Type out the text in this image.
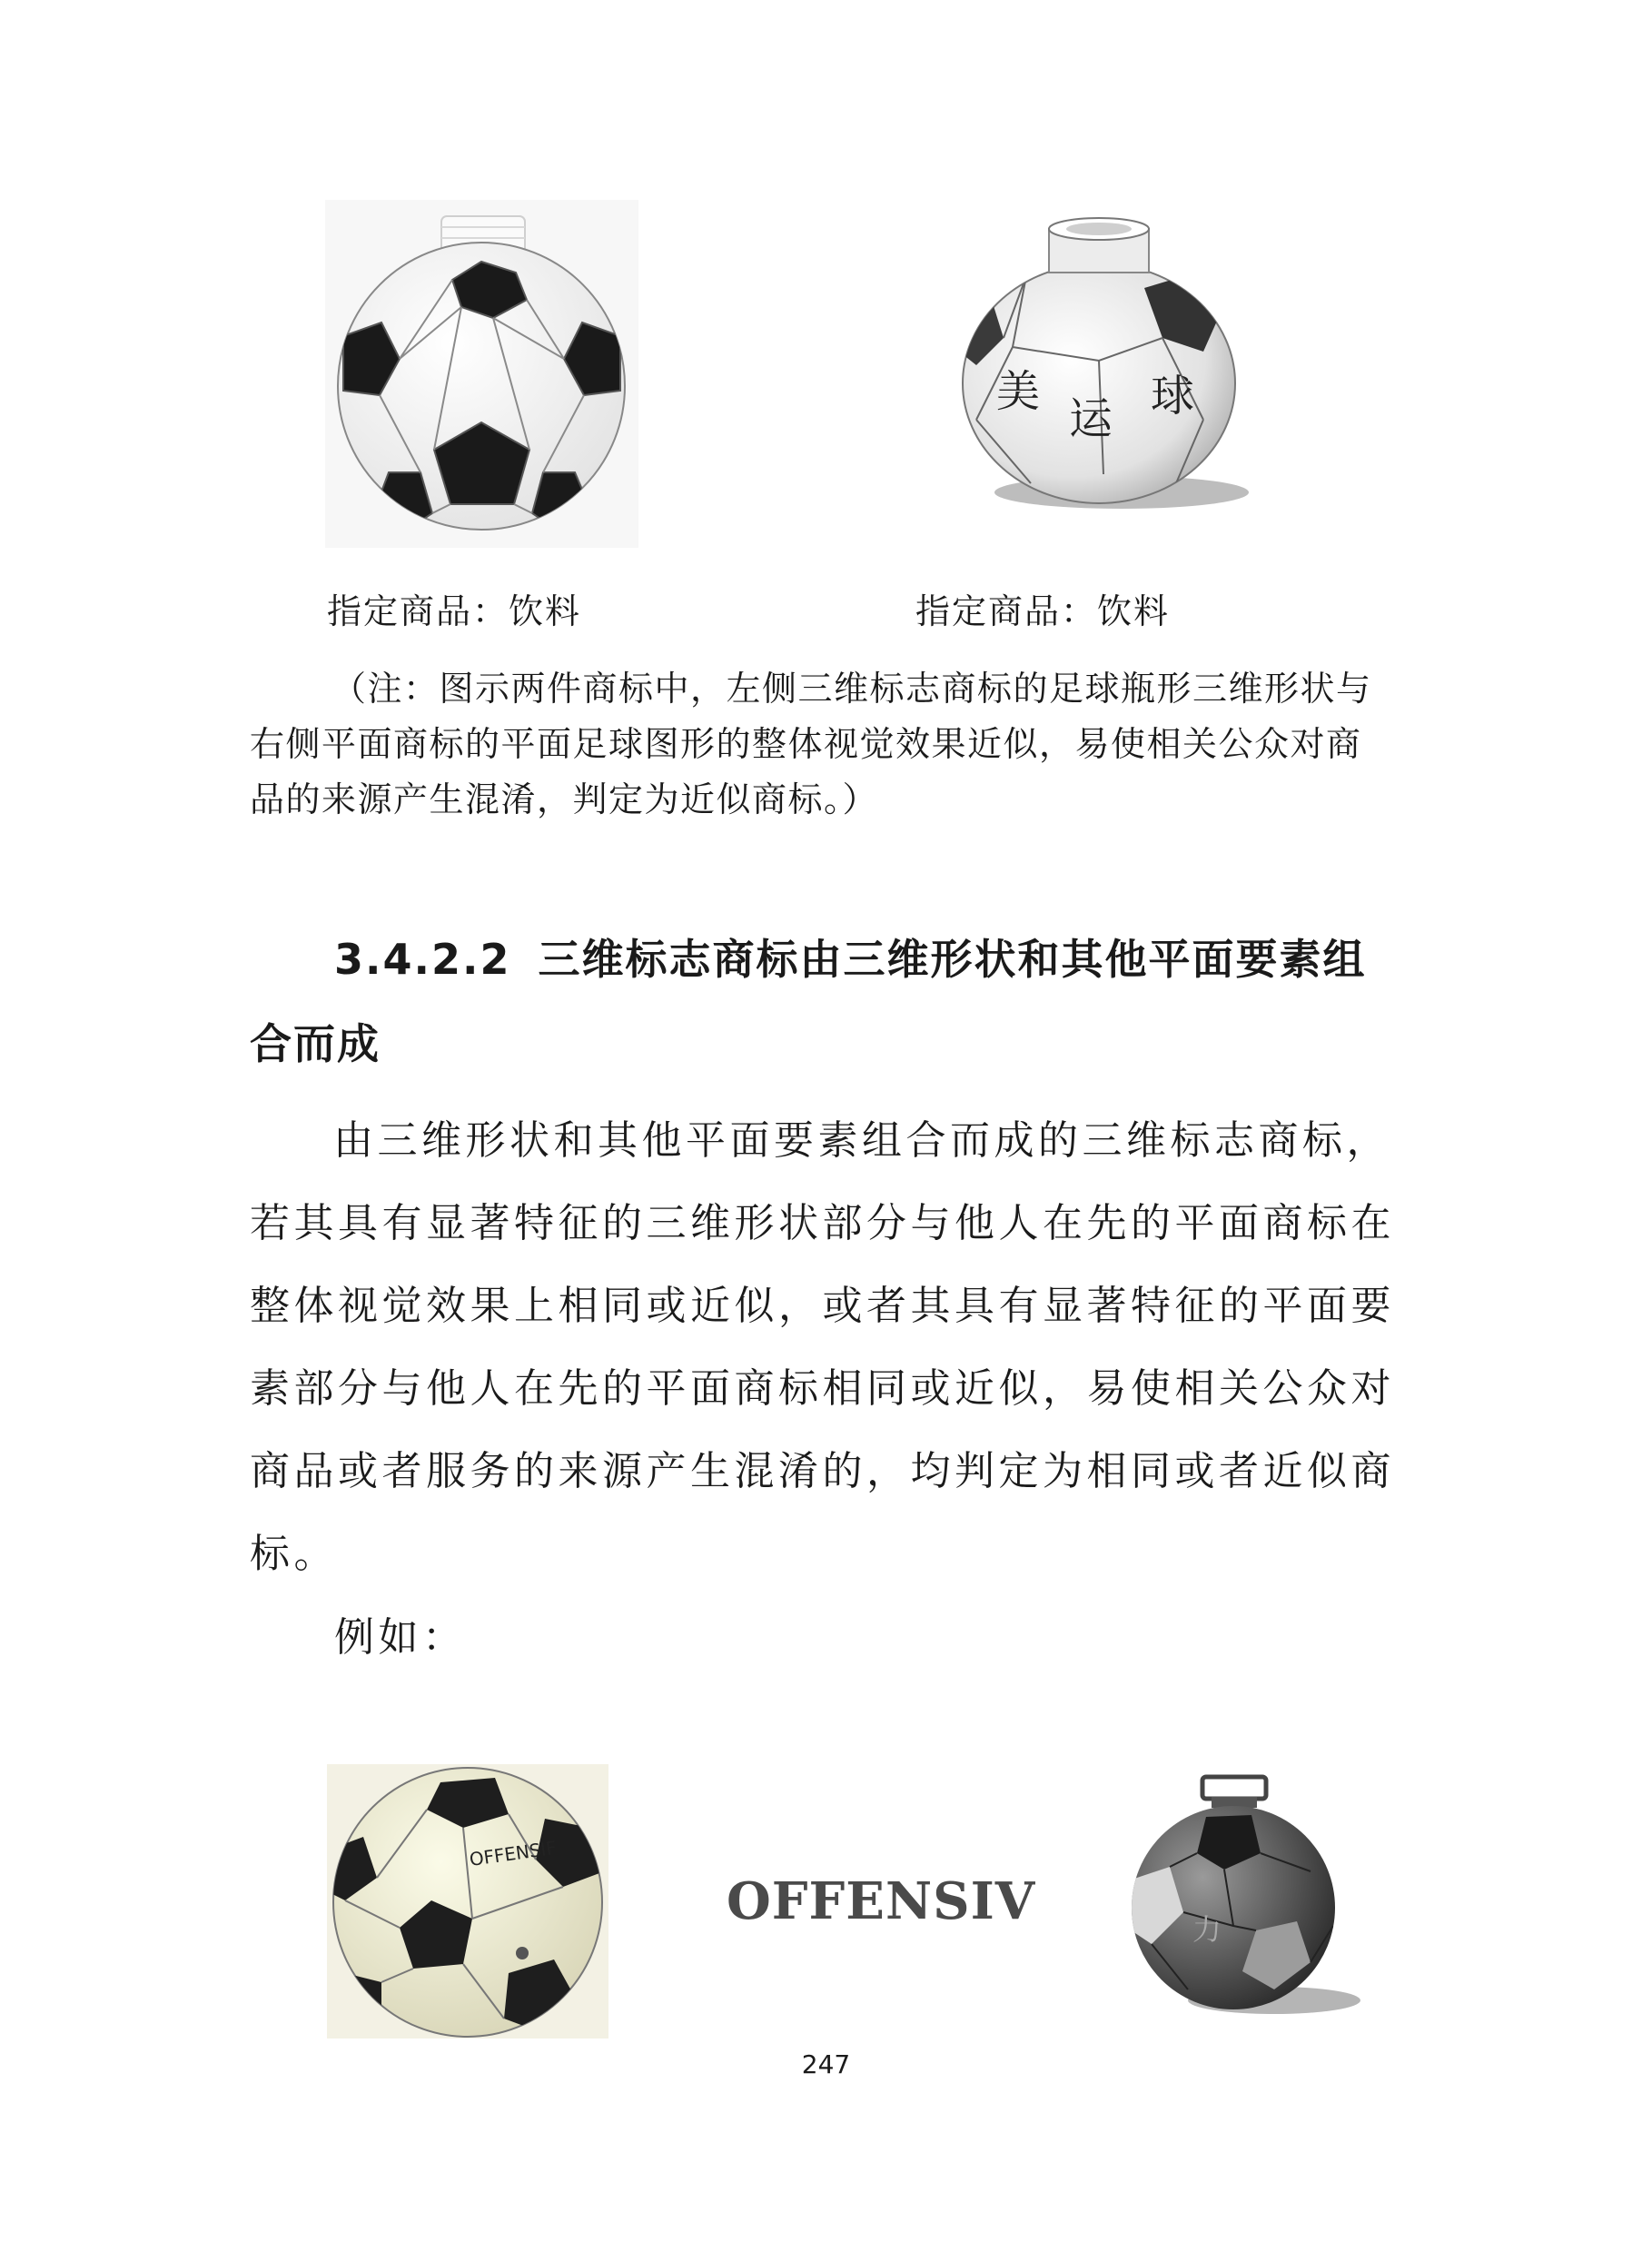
美
运 球
指定商品：饮料	指定商品：饮料
（注：图示两件商标中，左侧三维标志商标的足球瓶形三维形状与右侧平面商标的平面足球图形的整体视觉效果近似，易使相关公众对商品的来源产生混淆，判定为近似商标。）
3.4.2.2 三维标志商标由三维形状和其他平面要素组
合而成
由三维形状和其他平面要素组合而成的三维标志商标，若其具有显著特征的三维形状部分与他人在先的平面商标在整体视觉效果上相同或近似，或者其具有显著特征的平面要素部分与他人在先的平面商标相同或近似，易使相关公众对商品或者服务的来源产生混淆的，均判定为相同或者近似商标。
例如：
OFFENSIF
OFFENSIV	力
247
